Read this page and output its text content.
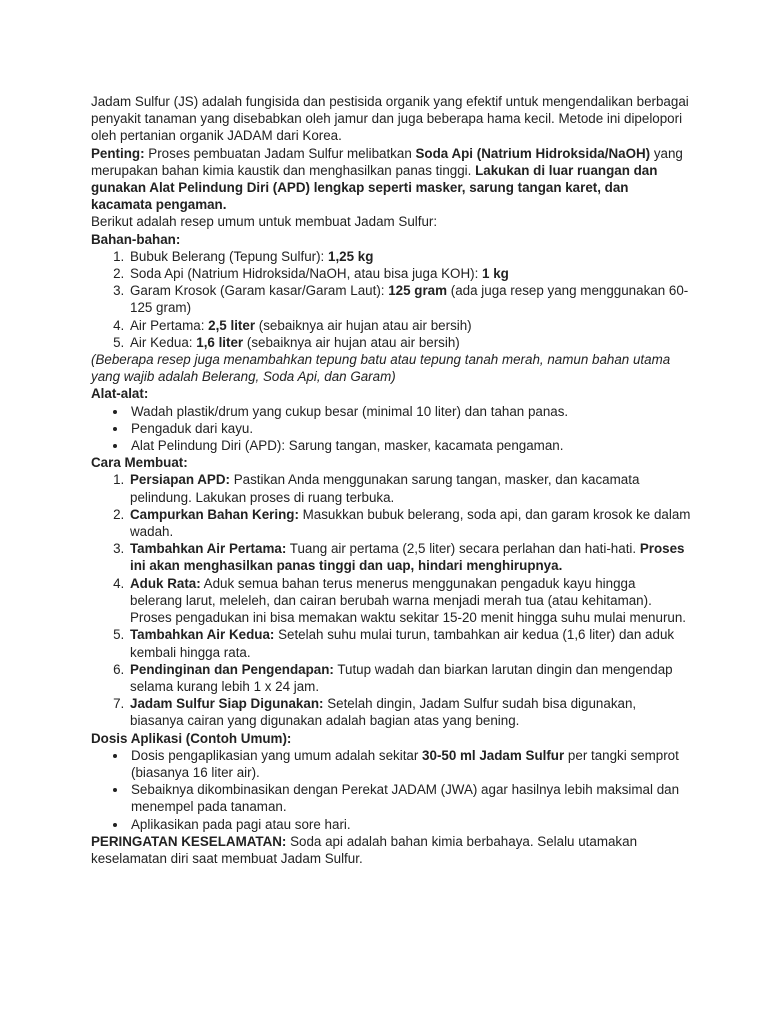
Jadam Sulfur (JS) adalah fungisida dan pestisida organik yang efektif untuk mengendalikan berbagai penyakit tanaman yang disebabkan oleh jamur dan juga beberapa hama kecil. Metode ini dipelopori oleh pertanian organik JADAM dari Korea.

Penting: Proses pembuatan Jadam Sulfur melibatkan Soda Api (Natrium Hidroksida/NaOH) yang merupakan bahan kimia kaustik dan menghasilkan panas tinggi. Lakukan di luar ruangan dan gunakan Alat Pelindung Diri (APD) lengkap seperti masker, sarung tangan karet, dan kacamata pengaman.

Berikut adalah resep umum untuk membuat Jadam Sulfur:

Bahan-bahan:

1. Bubuk Belerang (Tepung Sulfur): 1,25 kg
2. Soda Api (Natrium Hidroksida/NaOH, atau bisa juga KOH): 1 kg
3. Garam Krosok (Garam kasar/Garam Laut): 125 gram (ada juga resep yang menggunakan 60-125 gram)
4. Air Pertama: 2,5 liter (sebaiknya air hujan atau air bersih)
5. Air Kedua: 1,6 liter (sebaiknya air hujan atau air bersih)

(Beberapa resep juga menambahkan tepung batu atau tepung tanah merah, namun bahan utama yang wajib adalah Belerang, Soda Api, dan Garam)

Alat-alat:

• Wadah plastik/drum yang cukup besar (minimal 10 liter) dan tahan panas.
• Pengaduk dari kayu.
• Alat Pelindung Diri (APD): Sarung tangan, masker, kacamata pengaman.

Cara Membuat:

1. Persiapan APD: Pastikan Anda menggunakan sarung tangan, masker, dan kacamata pelindung. Lakukan proses di ruang terbuka.
2. Campurkan Bahan Kering: Masukkan bubuk belerang, soda api, dan garam krosok ke dalam wadah.
3. Tambahkan Air Pertama: Tuang air pertama (2,5 liter) secara perlahan dan hati-hati. Proses ini akan menghasilkan panas tinggi dan uap, hindari menghirupnya.
4. Aduk Rata: Aduk semua bahan terus menerus menggunakan pengaduk kayu hingga belerang larut, meleleh, dan cairan berubah warna menjadi merah tua (atau kehitaman). Proses pengadukan ini bisa memakan waktu sekitar 15-20 menit hingga suhu mulai menurun.
5. Tambahkan Air Kedua: Setelah suhu mulai turun, tambahkan air kedua (1,6 liter) dan aduk kembali hingga rata.
6. Pendinginan dan Pengendapan: Tutup wadah dan biarkan larutan dingin dan mengendap selama kurang lebih 1 x 24 jam.
7. Jadam Sulfur Siap Digunakan: Setelah dingin, Jadam Sulfur sudah bisa digunakan, biasanya cairan yang digunakan adalah bagian atas yang bening.

Dosis Aplikasi (Contoh Umum):

• Dosis pengaplikasian yang umum adalah sekitar 30-50 ml Jadam Sulfur per tangki semprot (biasanya 16 liter air).
• Sebaiknya dikombinasikan dengan Perekat JADAM (JWA) agar hasilnya lebih maksimal dan menempel pada tanaman.
• Aplikasikan pada pagi atau sore hari.

PERINGATAN KESELAMATAN: Soda api adalah bahan kimia berbahaya. Selalu utamakan keselamatan diri saat membuat Jadam Sulfur.
